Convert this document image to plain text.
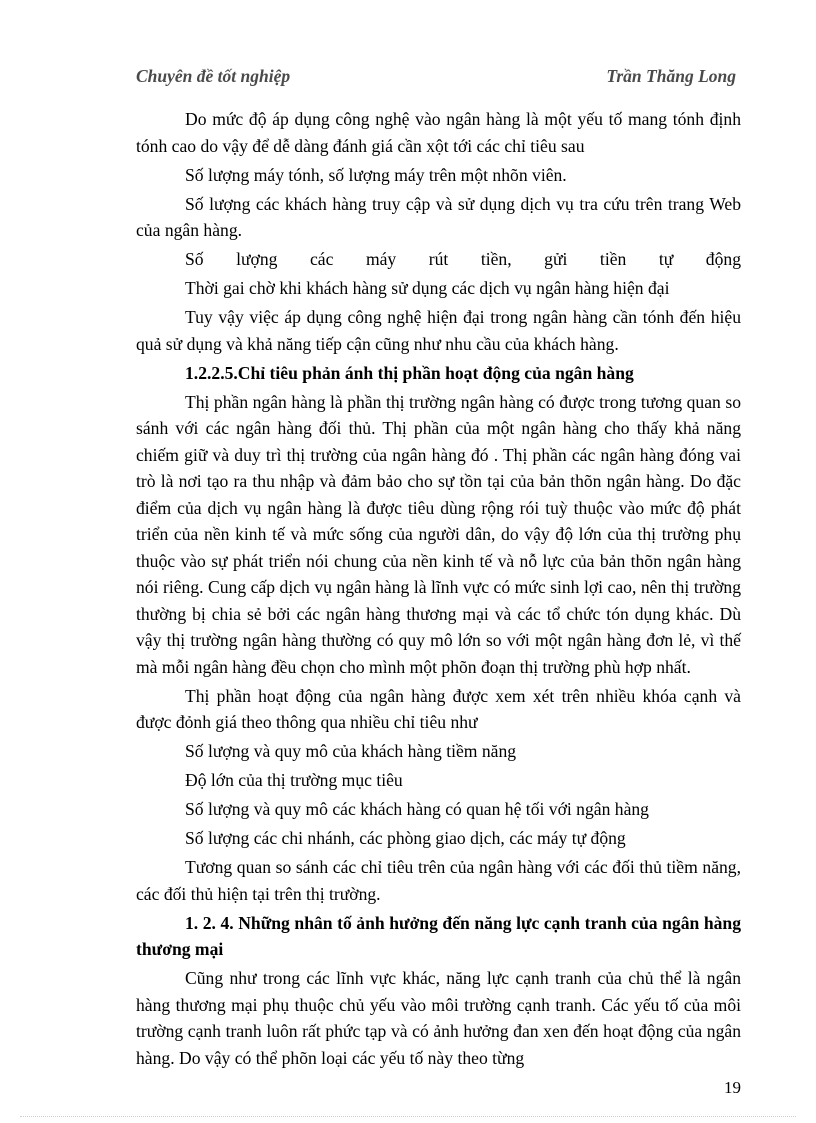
Chuyên đề tốt nghiệp	Trần Thăng Long

Do mức độ áp dụng công nghệ vào ngân hàng là một yếu tố mang tónh định tónh cao do vậy để dễ dàng đánh giá cần xột tới các chỉ tiêu sau

Số lượng máy tónh, số lượng máy trên một nhõn viên.

Số lượng các khách hàng truy cập và sử dụng dịch vụ tra cứu trên trang Web của ngân hàng.

Số lượng các máy rút tiền, gửi tiền tự động

Thời gai chờ khi khách hàng sử dụng các dịch vụ ngân hàng hiện đại

Tuy vậy việc áp dụng công nghệ hiện đại trong ngân hàng cần tónh đến hiệu quả sử dụng và khả năng tiếp cận cũng như nhu cầu của khách hàng.

1.2.2.5.Chỉ tiêu phản ánh thị phần hoạt động của ngân hàng

Thị phần ngân hàng là phần thị trường ngân hàng có được trong tương quan so sánh với các ngân hàng đối thủ. Thị phần của một ngân hàng cho thấy khả năng chiếm giữ và duy trì thị trường của ngân hàng đó . Thị phần các ngân hàng đóng vai trò là nơi tạo ra thu nhập và đảm bảo cho sự tồn tại của bản thõn ngân hàng. Do đặc điểm của dịch vụ ngân hàng là được tiêu dùng rộng rói tuỳ thuộc vào mức độ phát triển của nền kinh tế và mức sống của người dân, do vậy độ lớn của thị trường phụ thuộc vào sự phát triển nói chung của nền kinh tế và nỗ lực của bản thõn ngân hàng nói riêng. Cung cấp dịch vụ ngân hàng là lĩnh vực có mức sinh lợi cao, nên thị trường thường bị chia sẻ bởi các ngân hàng thương mại và các tổ chức tón dụng khác. Dù vậy thị trường ngân hàng thường có quy mô lớn so với một ngân hàng đơn lẻ, vì thế mà mỗi ngân hàng đều chọn cho mình một phõn đoạn thị trường phù hợp nhất.

Thị phần hoạt động của ngân hàng được xem xét trên nhiều khóa cạnh và được đỏnh giá theo thông qua nhiều chỉ tiêu như

Số lượng và quy mô của khách hàng tiềm năng

Độ lớn của thị trường mục tiêu

Số lượng và quy mô các khách hàng có quan hệ tối với ngân hàng

Số lượng các chi nhánh, các phòng giao dịch, các máy tự động

Tương quan so sánh các chỉ tiêu trên của ngân hàng với các đối thủ tiềm năng, các đối thủ hiện tại trên thị trường.

1. 2. 4. Những nhân tố ảnh hưởng đến năng lực cạnh tranh của ngân hàng thương mại

Cũng như trong các lĩnh vực khác, năng lực cạnh tranh của chủ thể là ngân hàng thương mại phụ thuộc chủ yếu vào môi trường cạnh tranh. Các yếu tố của môi trường cạnh tranh luôn rất phức tạp và có ảnh hưởng đan xen đến hoạt động của ngân hàng. Do vậy có thể phõn loại các yếu tố này theo từng

19
